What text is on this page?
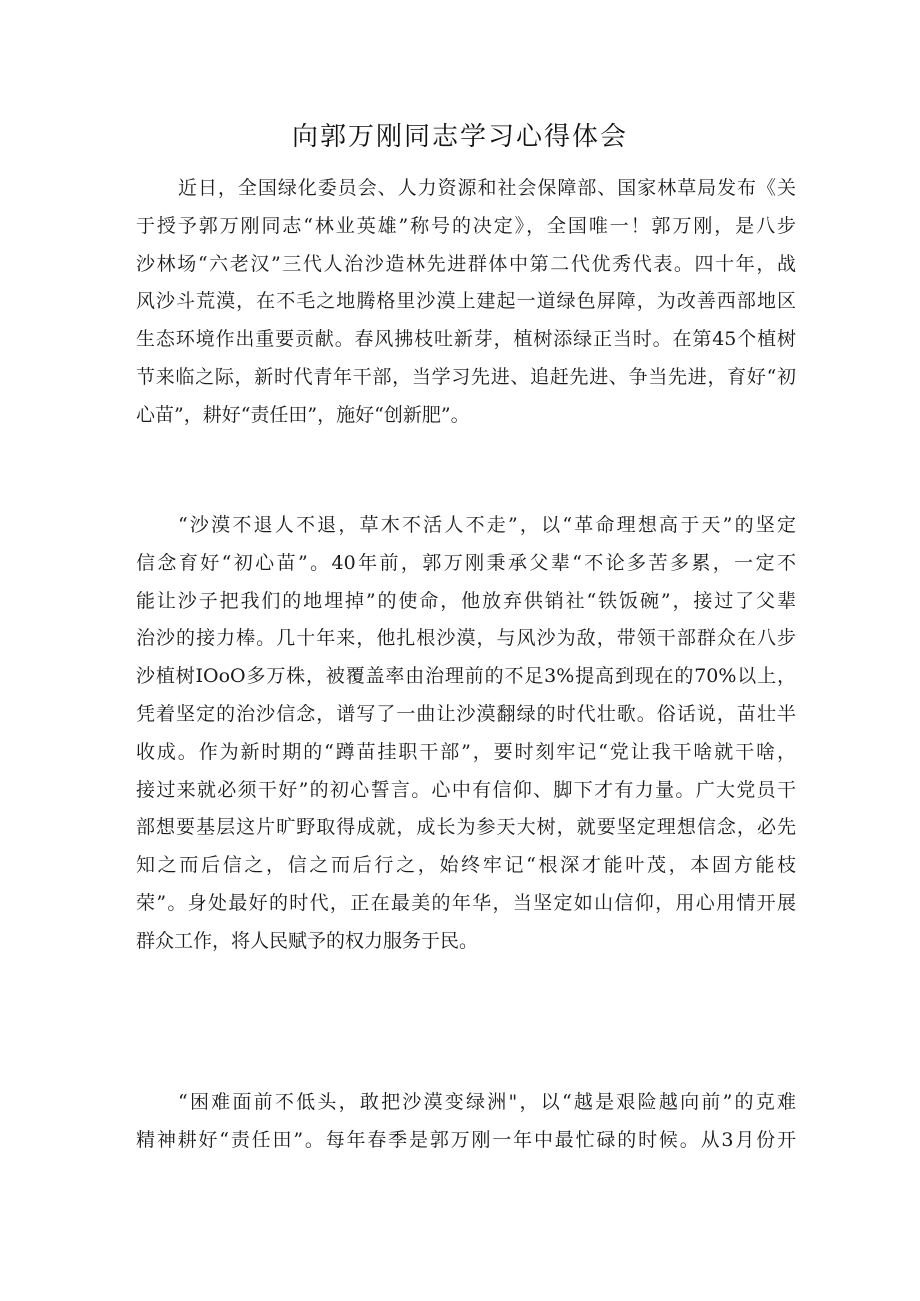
向郭万刚同志学习心得体会
近日，全国绿化委员会、人力资源和社会保障部、国家林草局发布《关
于授予郭万刚同志“林业英雄”称号的决定》，全国唯一！郭万刚，是八步
沙林场“六老汉”三代人治沙造林先进群体中第二代优秀代表。四十年，战
风沙斗荒漠，在不毛之地腾格里沙漠上建起一道绿色屏障，为改善西部地区
生态环境作出重要贡献。春风拂枝吐新芽，植树添绿正当时。在第45个植树
节来临之际，新时代青年干部，当学习先进、追赶先进、争当先进，育好“初
心苗”，耕好“责任田”，施好“创新肥”。
“沙漠不退人不退，草木不活人不走”，以“革命理想高于天”的坚定
信念育好“初心苗”。40年前，郭万刚秉承父辈“不论多苦多累，一定不
能让沙子把我们的地埋掉”的使命，他放弃供销社“铁饭碗”，接过了父辈
治沙的接力棒。几十年来，他扎根沙漠，与风沙为敌，带领干部群众在八步
沙植树IOoO多万株，被覆盖率由治理前的不足3%提高到现在的70%以上，
凭着坚定的治沙信念，谱写了一曲让沙漠翻绿的时代壮歌。俗话说，苗壮半
收成。作为新时期的“蹲苗挂职干部”，要时刻牢记“党让我干啥就干啥，
接过来就必须干好”的初心誓言。心中有信仰、脚下才有力量。广大党员干
部想要基层这片旷野取得成就，成长为参天大树，就要坚定理想信念，必先
知之而后信之，信之而后行之，始终牢记“根深才能叶茂，本固方能枝
荣”。身处最好的时代，正在最美的年华，当坚定如山信仰，用心用情开展
群众工作，将人民赋予的权力服务于民。
“困难面前不低头，敢把沙漠变绿洲"，以“越是艰险越向前”的克难
精神耕好“责任田”。每年春季是郭万刚一年中最忙碌的时候。从3月份开
